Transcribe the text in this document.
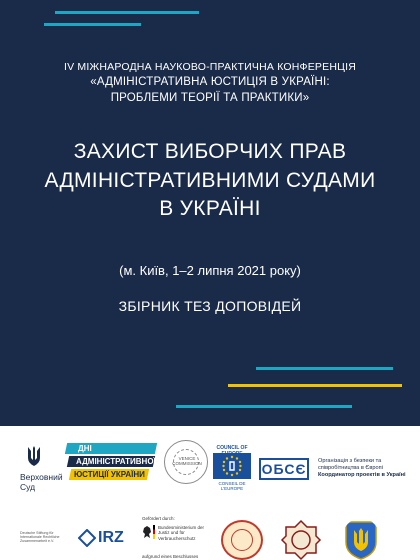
IV МІЖНАРОДНА НАУКОВО-ПРАКТИЧНА КОНФЕРЕНЦІЯ
«АДМІНІСТРАТИВНА ЮСТИЦІЯ В УКРАЇНІ:
ПРОБЛЕМИ ТЕОРІЇ ТА ПРАКТИКИ»
ЗАХИСТ ВИБОРЧИХ ПРАВ
АДМІНІСТРАТИВНИМИ СУДАМИ
В УКРАЇНІ
(м. Київ, 1–2 липня 2021 року)
ЗБІРНИК ТЕЗ ДОПОВІДЕЙ
Верховний
Суд
ДНІ
АДМІНІСТРАТИВНОЇ
ЮСТИЦІЇ УКРАЇНИ
VENICE COMMISSION
COUNCIL OF
CONSEIL DE L'EUROPE
ОБСЄ Організація з безпеки та
співробітництва в Європі
Координатор проектів в Україні
Deutsche Stiftung für Internationale Rechtliche Zusammenarbeit e.V.	IRZ
Gefördert durch:
Bundesministerium der Justiz und für Verbraucherschutz
aufgrund eines Beschlusses
